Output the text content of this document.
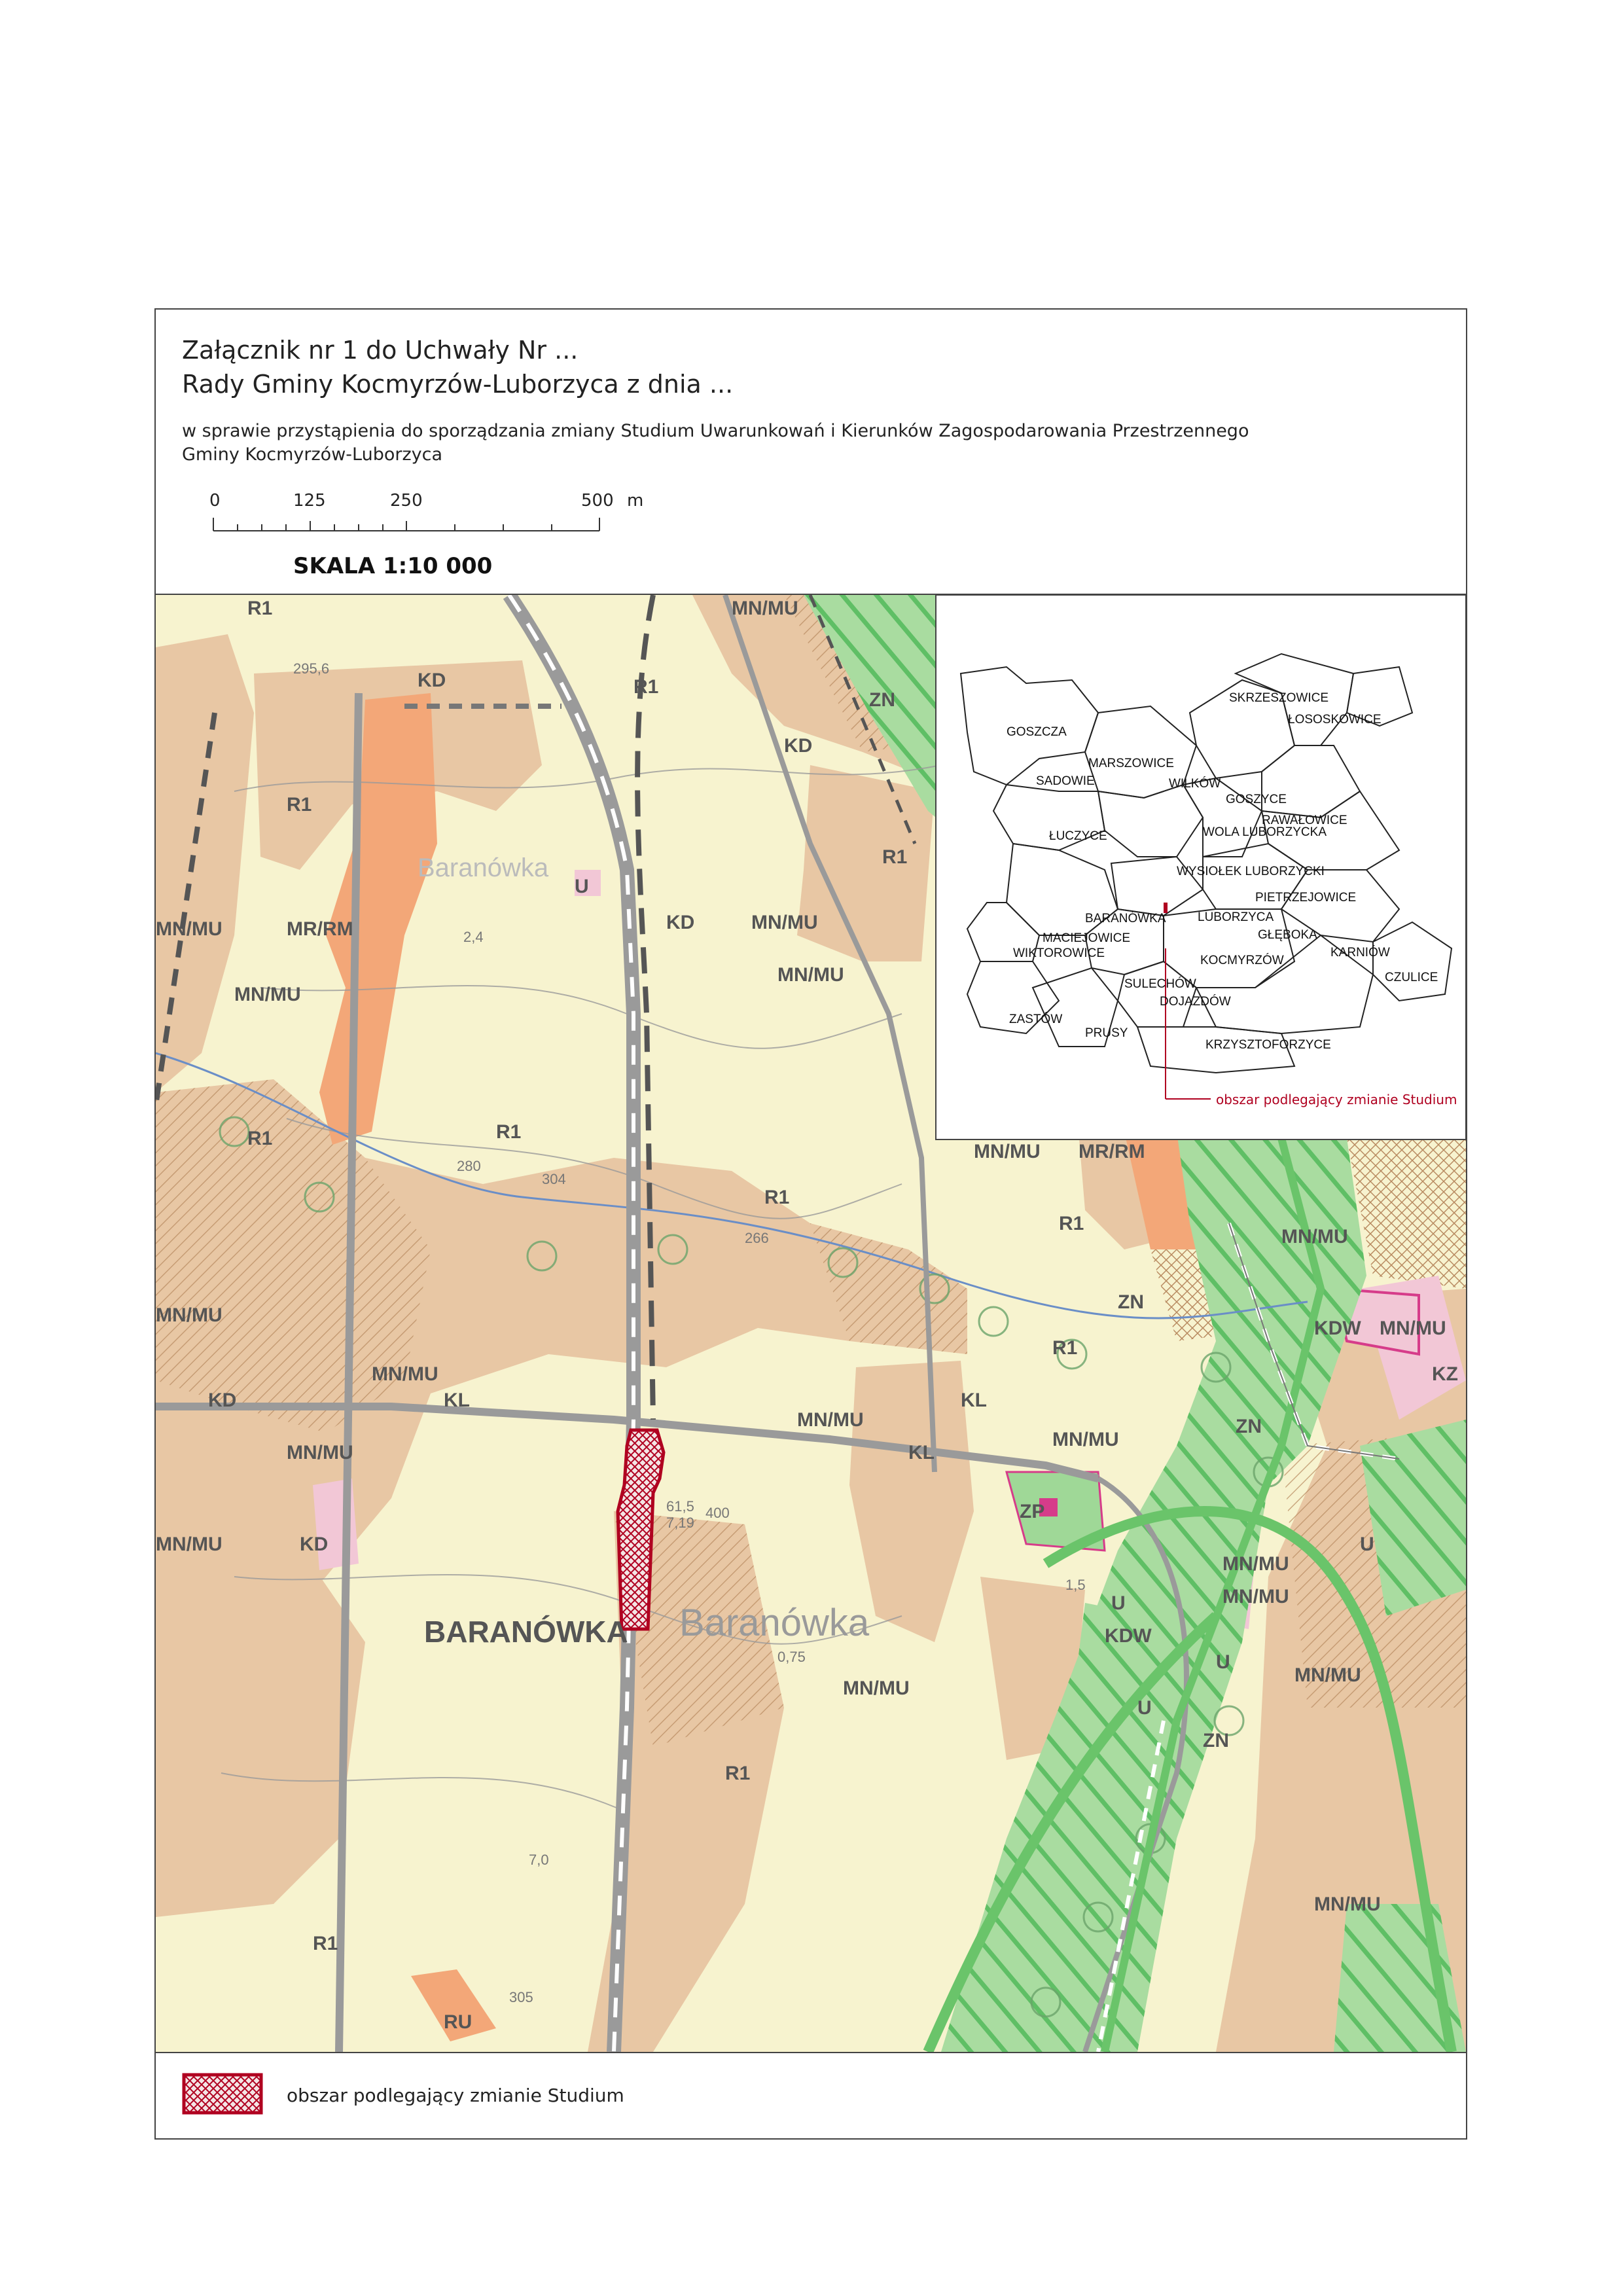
Załącznik nr 1 do Uchwały Nr ...
Rady Gminy Kocmyrzów-Luborzyca z dnia ...
w sprawie przystąpienia do sporządzania zmiany Studium Uwarunkowań i Kierunków Zagospodarowania Przestrzennego
Gminy Kocmyrzów-Luborzyca
0	125	250	500 m
SKALA 1:10 000
R1
R1
R1
R1
R1
R1
R1
R1
R1
R1
R1
MN/MU
MN/MU	MN/MU
MN/MU
MN/MU
MN/MU
MN/MU
MN/MU
MN/MU
MN/MU
MN/MU
MN/MU
MN/MU
MN/MU
MN/MU
MN/MU
MN/MU
MN/MU
MN/MU
MR/RM
MR/RM
ZN
ZN
ZN
ZN
ZP
KD
KD
KD
KD
KD
KL	KL
KL
KDW
KDW
KZ
U
U
U
U
U
RU
BARANÓWKA Baranówka
Baranówka
295,6
280
304
266
2,4
1,5
0,75
305
7,0
61,5
7,19
400
obszar podlegający zmianie Studium
GOSZCZA
SKRZESZOWICE
ŁOSOSKOWICE
MARSZOWICE
SADOWIE	WILKÓW
GOSZYCE
RAWAŁOWICE
ŁUCZYCE	WOLA LUBORZYCKA
WYSIOŁEK LUBORZYCKI
PIETRZEJOWICE
BARANÓWKA	LUBORZYCA
MACIEJOWICE
WIKTOROWICE
GŁĘBOKA
KARNIÓW
KOCMYRZÓW
SULECHÓW
DOJAZDÓW
CZULICE
ZASTÓW
PRUSY
KRZYSZTOFORZYCE
obszar podlegający zmianie Studium
